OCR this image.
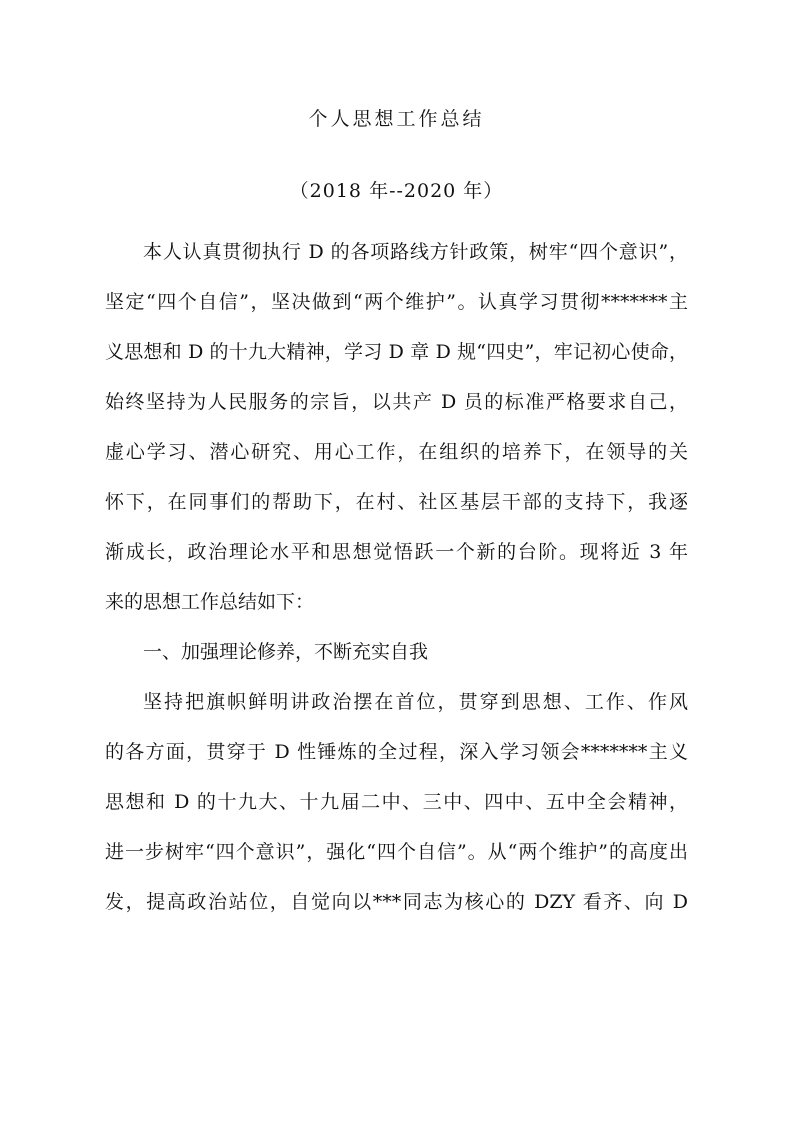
个人思想工作总结
（2018 年--2020 年）
本人认真贯彻执行 D 的各项路线方针政策，树牢“四个意识”，
坚定“四个自信”，坚决做到“两个维护”。认真学习贯彻*******主
义思想和 D 的十九大精神，学习 D 章 D 规“四史”，牢记初心使命，
始终坚持为人民服务的宗旨，以共产 D 员的标准严格要求自己，
虚心学习、潜心研究、用心工作，在组织的培养下，在领导的关
怀下，在同事们的帮助下，在村、社区基层干部的支持下，我逐
渐成长，政治理论水平和思想觉悟跃一个新的台阶。现将近 3 年
来的思想工作总结如下：
一、加强理论修养，不断充实自我
坚持把旗帜鲜明讲政治摆在首位，贯穿到思想、工作、作风
的各方面，贯穿于 D 性锤炼的全过程，深入学习领会*******主义
思想和 D 的十九大、十九届二中、三中、四中、五中全会精神，
进一步树牢“四个意识”，强化“四个自信”。从“两个维护”的高度出
发，提高政治站位，自觉向以***同志为核心的 DZY 看齐、向 D
